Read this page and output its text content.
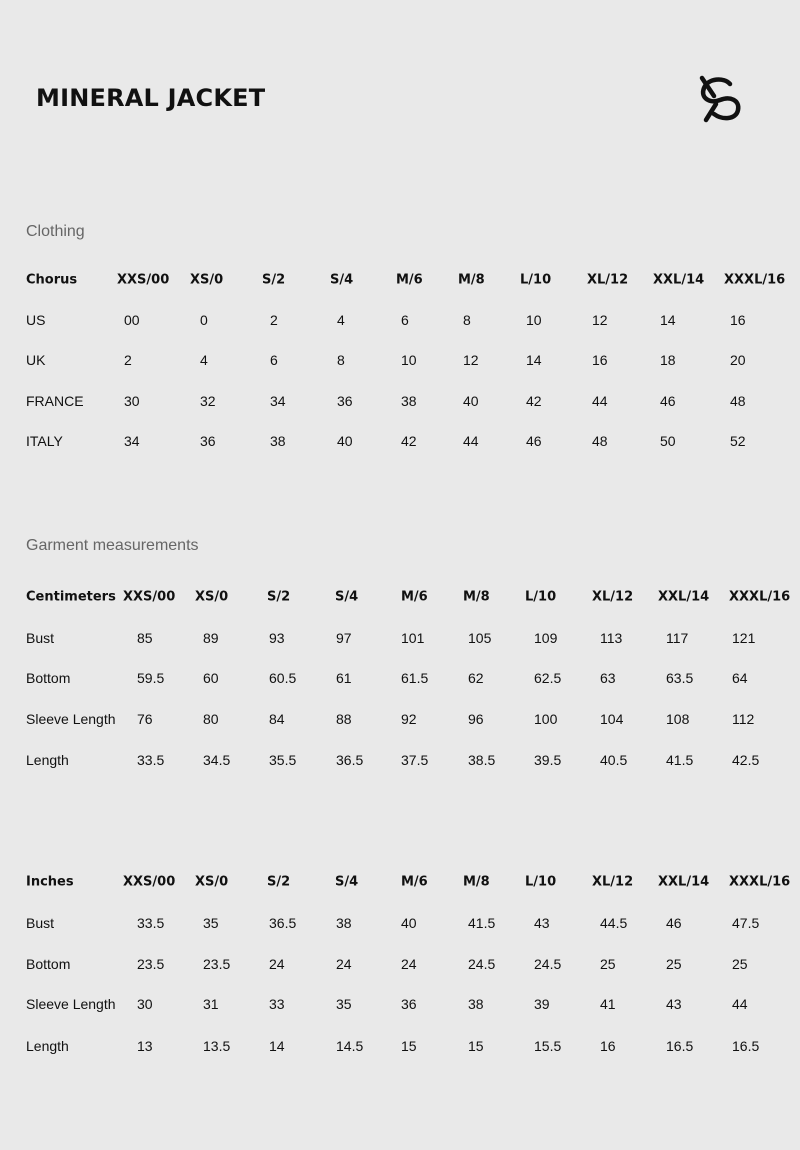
MINERAL JACKET
Clothing
Garment measurements
Chorus	XXS/00 XS/0	S/2	S/4	M/6	M/8	L/10	XL/12 XXL/14 XXXL/16
US	00	0	2	4	6	8	10	12	14	16
UK	2	4	6	8	10	12	14	16	18	20
FRANCE	30	32	34	36	38	40	42	44	46	48
ITALY	34	36	38	40	42	44	46	48	50	52
Centimeters XXS/00 XS/0	S/2	S/4	M/6	M/8	L/10	XL/12 XXL/14 XXXL/16
Bust	85	89	93	97	101	105	109	113	117	121
Bottom	59.5	60	60.5	61	61.5	62	62.5	63	63.5	64
Sleeve Length 76	80	84	88	92	96	100	104	108	112
Length	33.5	34.5	35.5	36.5	37.5	38.5	39.5	40.5	41.5	42.5
Inches	XXS/00 XS/0	S/2	S/4	M/6	M/8	L/10	XL/12 XXL/14 XXXL/16
Bust	33.5	35	36.5	38	40	41.5	43	44.5	46	47.5
Bottom	23.5	23.5	24	24	24	24.5	24.5	25	25	25
Sleeve Length 30	31	33	35	36	38	39	41	43	44
Length	13	13.5	14	14.5	15	15	15.5	16	16.5	16.5
